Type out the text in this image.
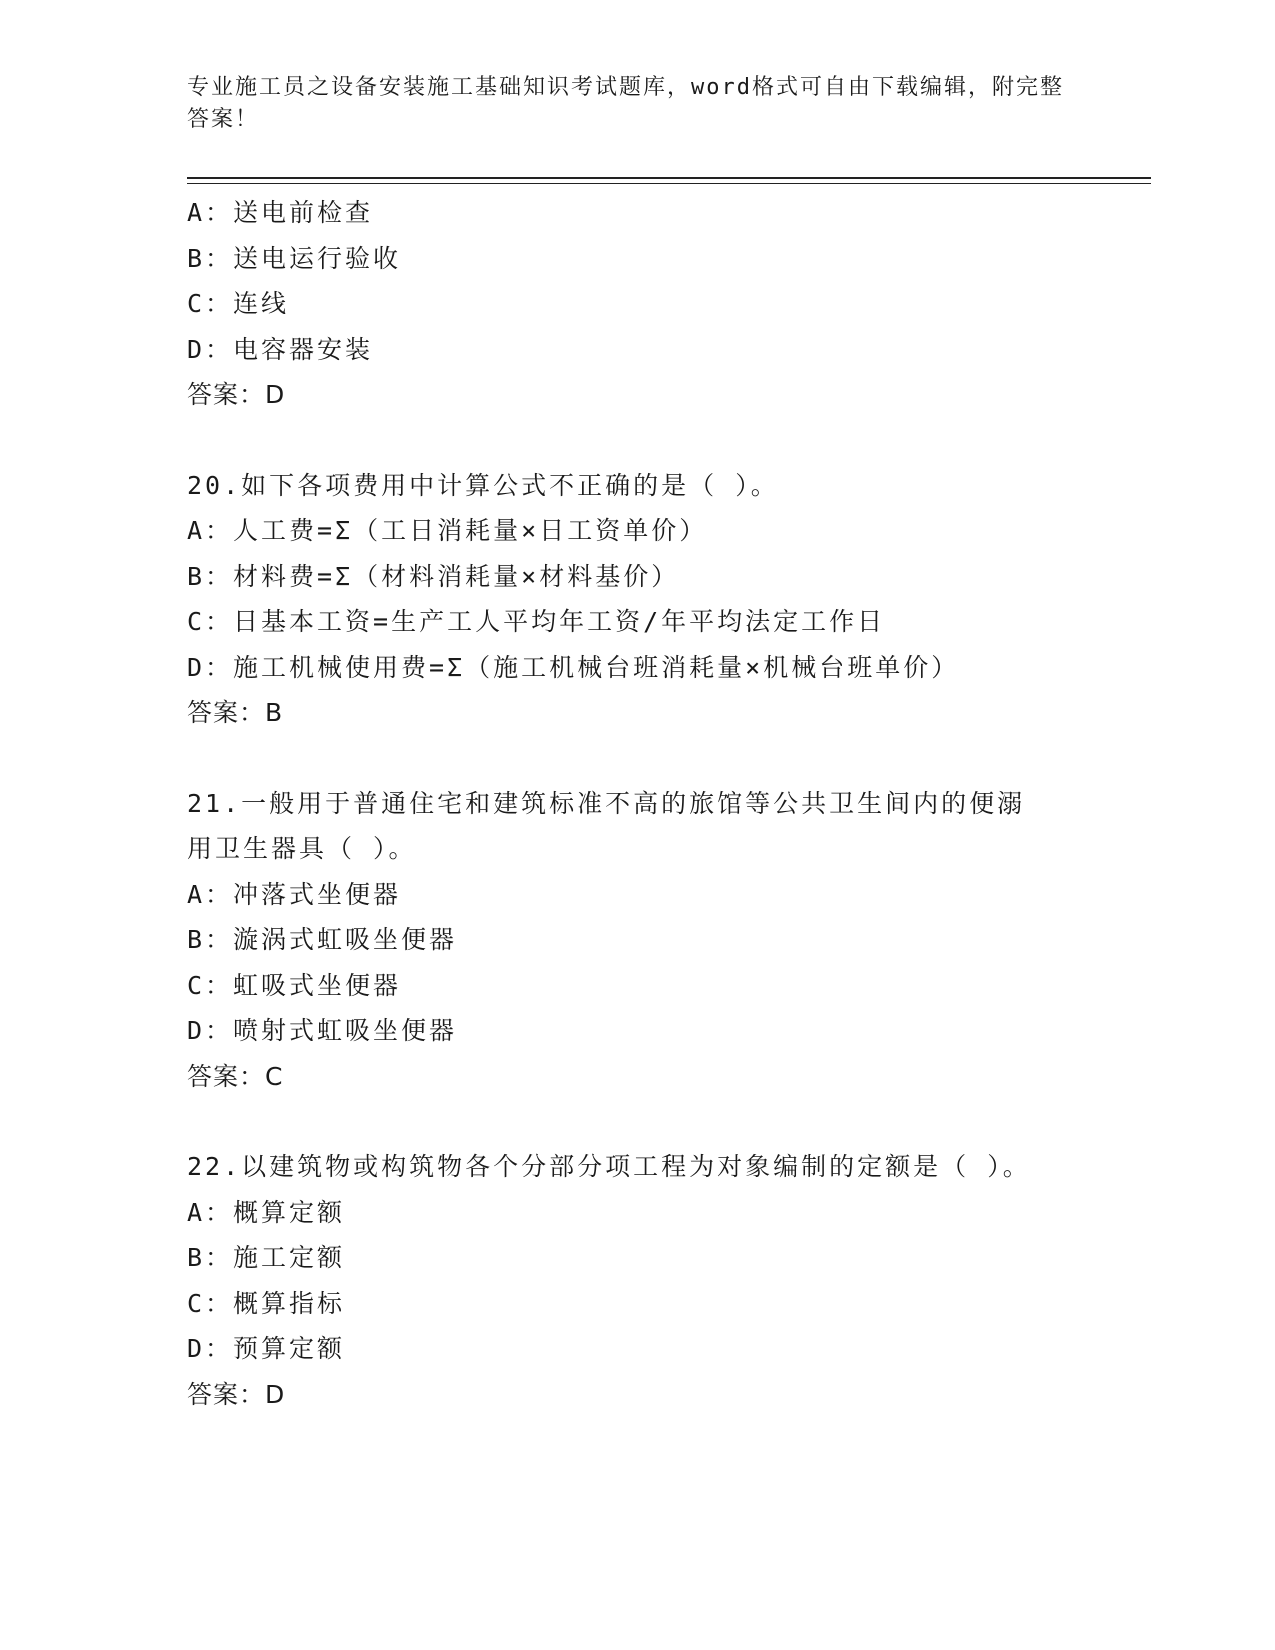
专业施工员之设备安装施工基础知识考试题库，word格式可自由下载编辑，附完整答案！
A：送电前检查
B：送电运行验收
C：连线
D：电容器安装
答案：D
20.如下各项费用中计算公式不正确的是（ ）。
A：人工费=Σ（工日消耗量×日工资单价）
B：材料费=Σ（材料消耗量×材料基价）
C：日基本工资=生产工人平均年工资/年平均法定工作日
D：施工机械使用费=Σ（施工机械台班消耗量×机械台班单价）
答案：B
21.一般用于普通住宅和建筑标准不高的旅馆等公共卫生间内的便溺用卫生器具（ ）。
A：冲落式坐便器
B：漩涡式虹吸坐便器
C：虹吸式坐便器
D：喷射式虹吸坐便器
答案：C
22.以建筑物或构筑物各个分部分项工程为对象编制的定额是（ ）。
A：概算定额
B：施工定额
C：概算指标
D：预算定额
答案：D
